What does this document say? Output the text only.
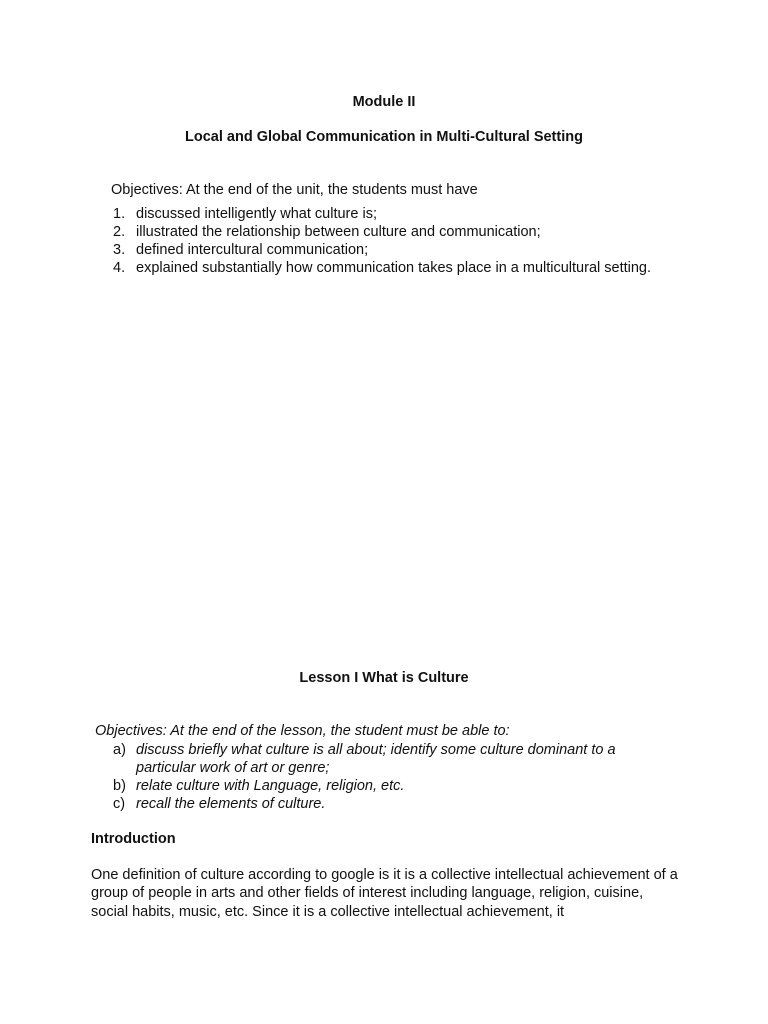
Module II
Local and Global Communication in Multi-Cultural Setting
Objectives: At the end of the unit, the students must have
1. discussed intelligently what culture is;
2. illustrated the relationship between culture and communication;
3. defined intercultural communication;
4. explained substantially how communication takes place in a multicultural setting.
Lesson I What is Culture
Objectives: At the end of the lesson, the student must be able to:
a) discuss briefly what culture is all about; identify some culture dominant to a particular work of art or genre;
b) relate culture with Language, religion, etc.
c) recall the elements of culture.
Introduction

One definition of culture according to google is it is a collective intellectual achievement of a group of people in arts and other fields of interest including language, religion, cuisine, social habits, music, etc. Since it is a collective intellectual achievement, it
